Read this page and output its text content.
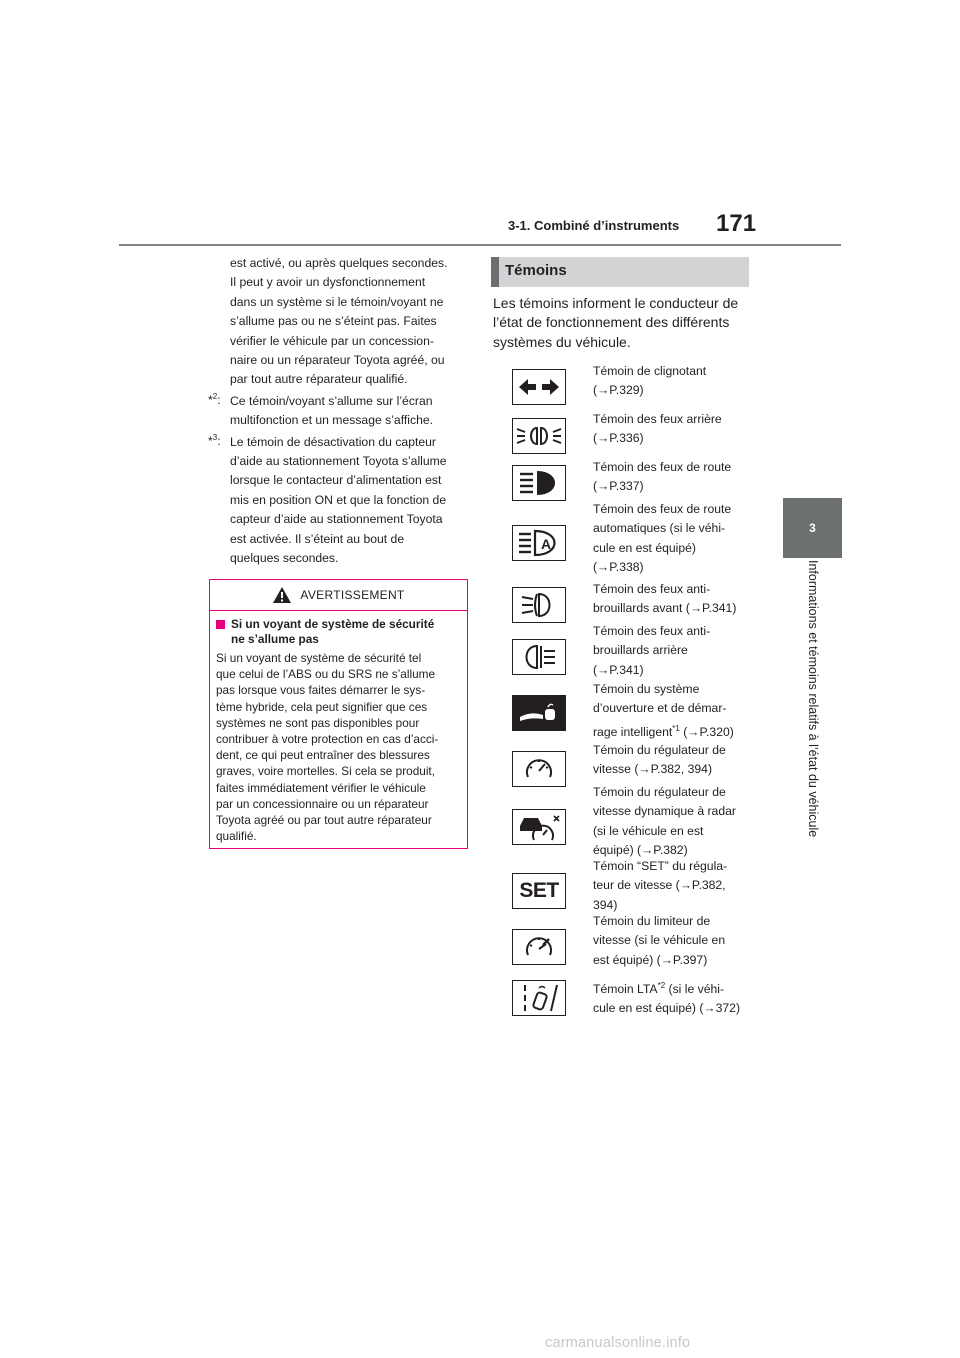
3-1. Combiné d’instruments 171
3
Informations et témoins relatifs à l’état du véhicule

est activé, ou après quelques secondes.

Il peut y avoir un dysfonctionnement

dans un système si le témoin/voyant ne

s’allume pas ou ne s’éteint pas. Faites

vérifier le véhicule par un concession-

naire ou un réparateur Toyota agréé, ou

par tout autre réparateur qualifié.

*$^2$: Ce témoin/voyant s’allume sur l’écran

multifonction et un message s’affiche.

*$^3$: Le témoin de désactivation du capteur

d’aide au stationnement Toyota s’allume

lorsque le contacteur d’alimentation est

mis en position ON et que la fonction de

capteur d’aide au stationnement Toyota

est activée. Il s’éteint au bout de

quelques secondes.

AVERTISSEMENT
Si un voyant de système de sécurité
ne s’allume pas
Si un voyant de système de sécurité tel
que celui de l’ABS ou du SRS ne s’allume
pas lorsque vous faites démarrer le sys-
tème hybride, cela peut signifier que ces
systèmes ne sont pas disponibles pour
contribuer à votre protection en cas d’acci-
dent, ce qui peut entraîner des blessures
graves, voire mortelles. Si cela se produit,
faites immédiatement vérifier le véhicule
par un concessionnaire ou un réparateur
Toyota agréé ou par tout autre réparateur
qualifié.
Témoins
Les témoins informent le conducteur de
l’état de fonctionnement des différents
systèmes du véhicule.

Témoin de clignotant

(→P.329)

Témoin des feux arrière

(→P.336)

Témoin des feux de route

(→P.337)

A

Témoin des feux de route

automatiques (si le véhi-

cule en est équipé)

(→P.338)

Témoin des feux anti-

brouillards avant (→P.341)

Témoin des feux anti-

brouillards arrière

(→P.341)

Témoin du système

d’ouverture et de démar-

rage intelligent$^{*1}$ (→P.320)

Témoin du régulateur de

vitesse (→P.382, 394)

Témoin du régulateur de

vitesse dynamique à radar

(si le véhicule en est

équipé) (→P.382)

SET

Témoin “SET” du régula-

teur de vitesse (→P.382,

394)

Témoin du limiteur de

vitesse (si le véhicule en

est équipé) (→P.397)

Témoin LTA$^{*2}$ (si le véhi-

cule en est équipé) (→372)

carmanualsonline.info
